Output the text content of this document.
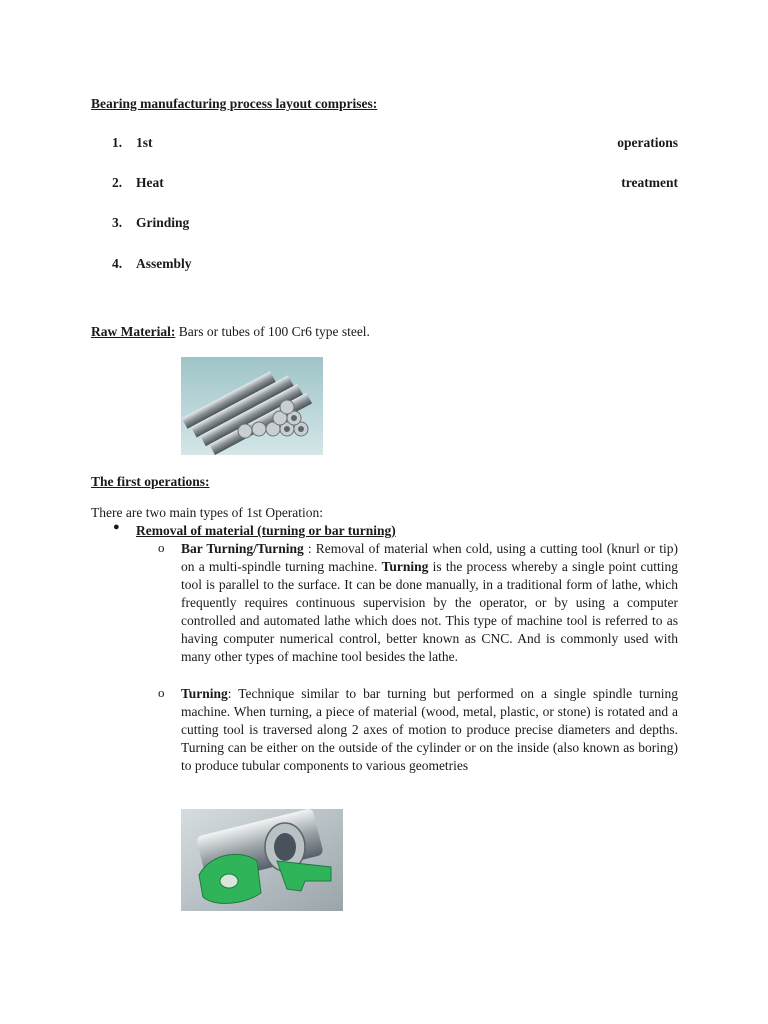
Bearing manufacturing process layout comprises:
1. 1st	operations
2. Heat	treatment
3. Grinding
4. Assembly
Raw Material: Bars or tubes of 100 Cr6 type steel.
The first operations:
There are two main types of 1st Operation:
● Removal of material (turning or bar turning)
o Bar Turning/Turning : Removal of material when cold, using a cutting tool (knurl or tip) on a multi-spindle turning machine. Turning is the process whereby a single point cutting tool is parallel to the surface. It can be done manually, in a traditional form of lathe, which frequently requires continuous supervision by the operator, or by using a computer controlled and automated lathe which does not. This type of machine tool is referred to as having computer numerical control, better known as CNC. And is commonly used with many other types of machine tool besides the lathe.
o Turning: Technique similar to bar turning but performed on a single spindle turning machine. When turning, a piece of material (wood, metal, plastic, or stone) is rotated and a cutting tool is traversed along 2 axes of motion to produce precise diameters and depths. Turning can be either on the outside of the cylinder or on the inside (also known as boring) to produce tubular components to various geometries
